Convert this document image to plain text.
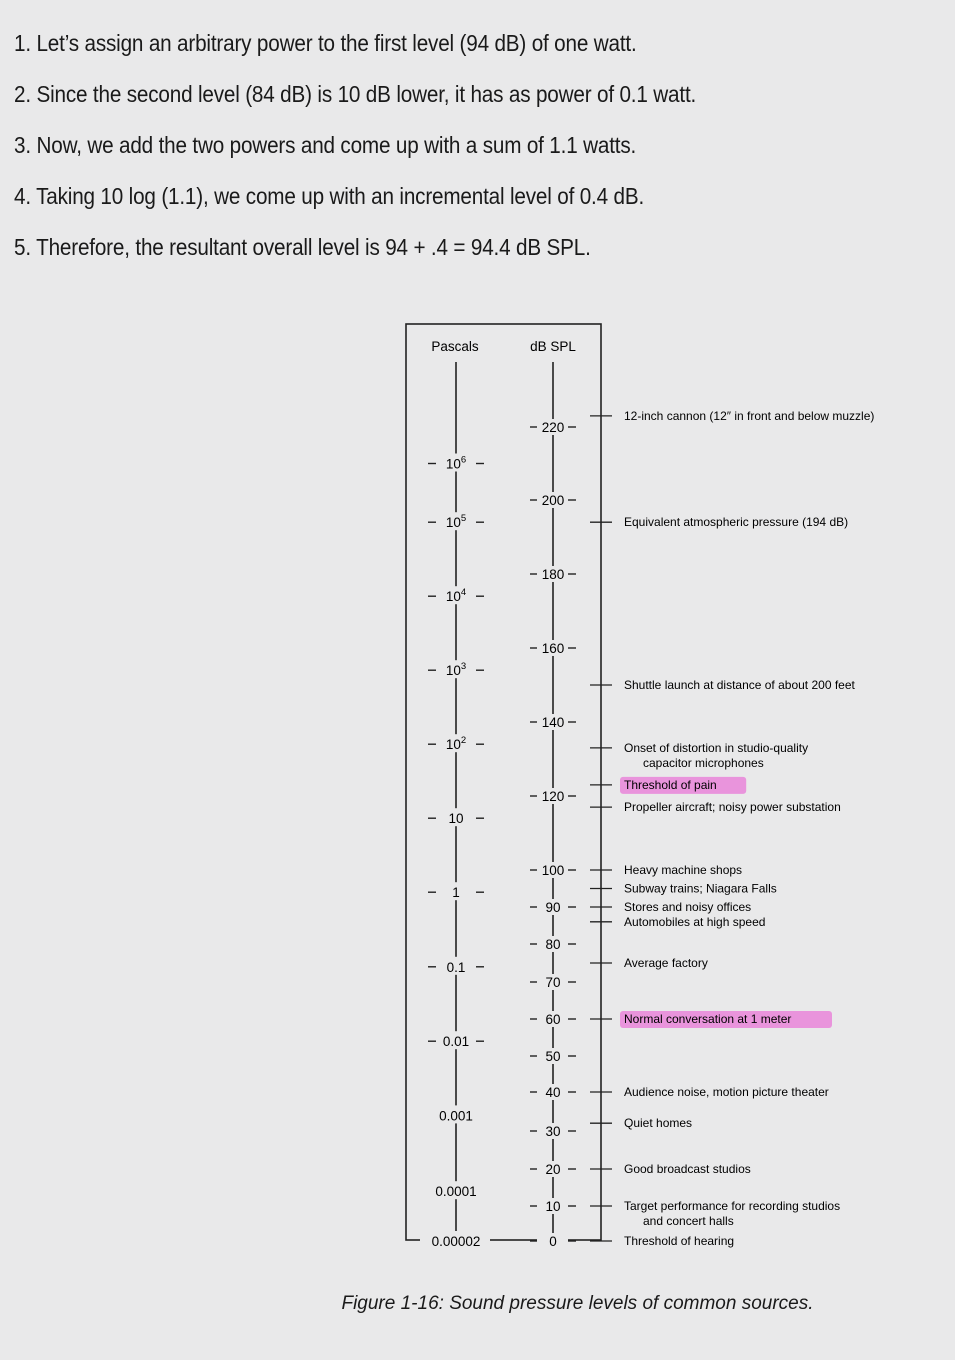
1. Let’s assign an arbitrary power to the first level (94 dB) of one watt.
2. Since the second level (84 dB) is 10 dB lower, it has as power of 0.1 watt.
3. Now, we add the two powers and come up with a sum of 1.1 watts.
4. Taking 10 log (1.1), we come up with an incremental level of 0.4 dB.
5. Therefore, the resultant overall level is 94 + .4 = 94.4 dB SPL.
Pascals	dB SPL
220
200
180
160
140
120
100
90
80
70
60
50
40
30
20
10
0
$10^6$
$10^5$
$10^4$
$10^3$
$10^2$
10
1
0.1
0.01
0.001
0.0001
0.00002
12-inch cannon (12″ in front and below muzzle)
Equivalent atmospheric pressure (194 dB)
Shuttle launch at distance of about 200 feet
Onset of distortion in studio-quality
capacitor microphones
Threshold of pain
Propeller aircraft; noisy power substation
Heavy machine shops
Subway trains; Niagara Falls
Stores and noisy offices
Automobiles at high speed
Average factory
Normal conversation at 1 meter
Audience noise, motion picture theater
Quiet homes
Good broadcast studios
Target performance for recording studios
and concert halls
Threshold of hearing
Figure 1-16: Sound pressure levels of common sources.
